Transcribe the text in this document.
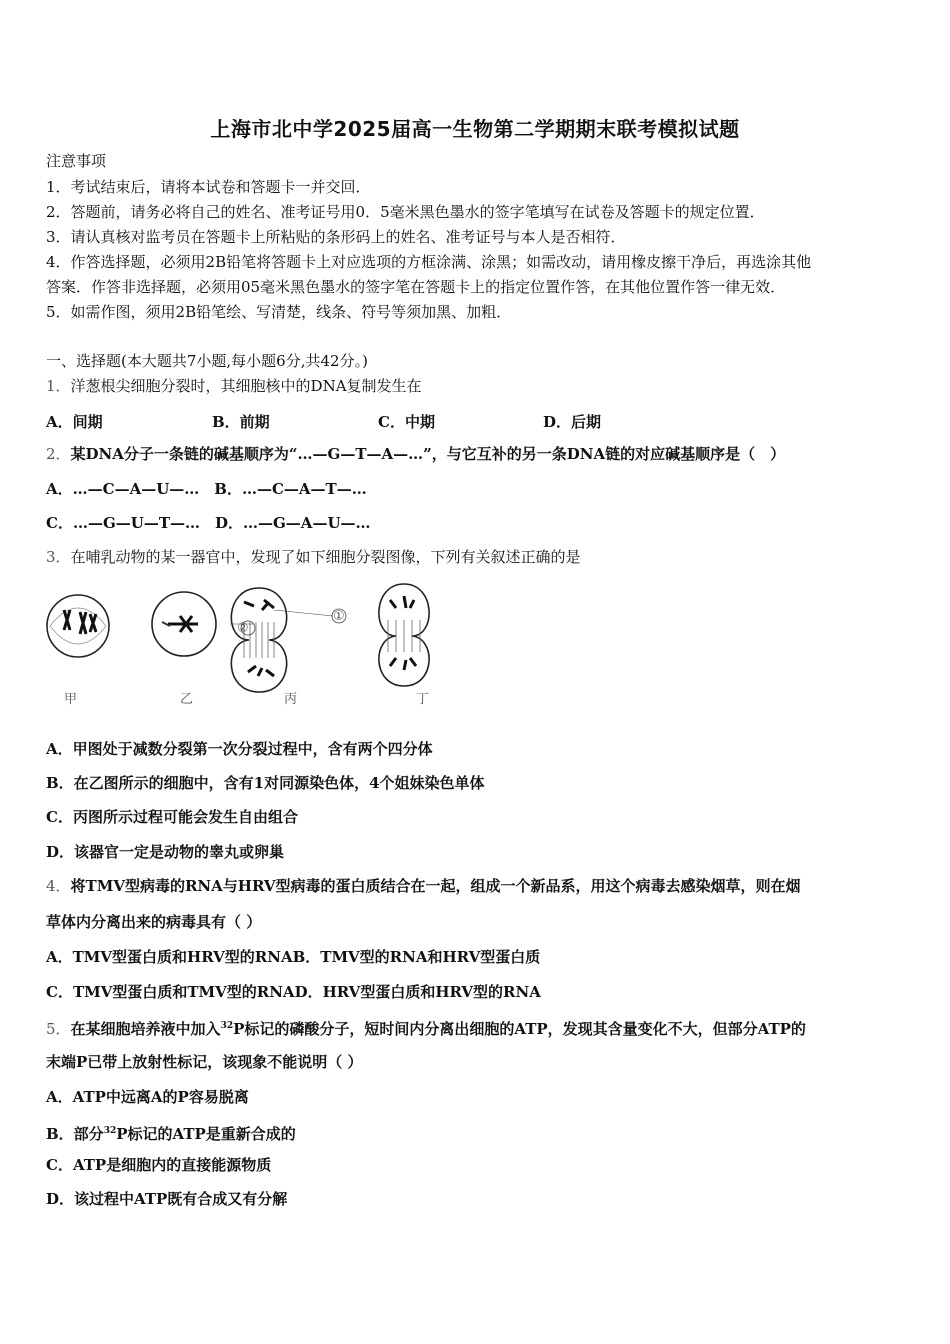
上海市北中学2025届高一生物第二学期期末联考模拟试题
注意事项
1．考试结束后，请将本试卷和答题卡一并交回．
2．答题前，请务必将自己的姓名、准考证号用0．5毫米黑色墨水的签字笔填写在试卷及答题卡的规定位置．
3．请认真核对监考员在答题卡上所粘贴的条形码上的姓名、准考证号与本人是否相符．
4．作答选择题，必须用2B铅笔将答题卡上对应选项的方框涂满、涂黑；如需改动，请用橡皮擦干净后，再选涂其他
答案．作答非选择题，必须用05毫米黑色墨水的签字笔在答题卡上的指定位置作答，在其他位置作答一律无效．
5．如需作图，须用2B铅笔绘、写清楚，线条、符号等须加黑、加粗．
一、选择题(本大题共7小题,每小题6分,共42分。)
1．洋葱根尖细胞分裂时，其细胞核中的DNA复制发生在
A．间期	B．前期	C．中期	D．后期
2．某DNA分子一条链的碱基顺序为“…—G—T—A—…”，与它互补的另一条DNA链的对应碱基顺序是（　）
A．…—C—A—U—…　B．…—C—A—T—…
C．…—G—U—T—…　D．…—G—A—U—…
3．在哺乳动物的某一器官中，发现了如下细胞分裂图像，下列有关叙述正确的是
甲	乙
②
①
丙	丁
A．甲图处于减数分裂第一次分裂过程中，含有两个四分体
B．在乙图所示的细胞中，含有1对同源染色体，4个姐妹染色单体
C．丙图所示过程可能会发生自由组合
D．该器官一定是动物的睾丸或卵巢
4．将TMV型病毒的RNA与HRV型病毒的蛋白质结合在一起，组成一个新品系，用这个病毒去感染烟草，则在烟
草体内分离出来的病毒具有（ ）
A．TMV型蛋白质和HRV型的RNAB．TMV型的RNA和HRV型蛋白质
C．TMV型蛋白质和TMV型的RNAD．HRV型蛋白质和HRV型的RNA
5．在某细胞培养液中加入$^{32}$P标记的磷酸分子，短时间内分离出细胞的ATP，发现其含量变化不大，但部分ATP的
末端P已带上放射性标记，该现象不能说明（ ）
A．ATP中远离A的P容易脱离
B．部分$^{32}$P标记的ATP是重新合成的
C．ATP是细胞内的直接能源物质
D．该过程中ATP既有合成又有分解
